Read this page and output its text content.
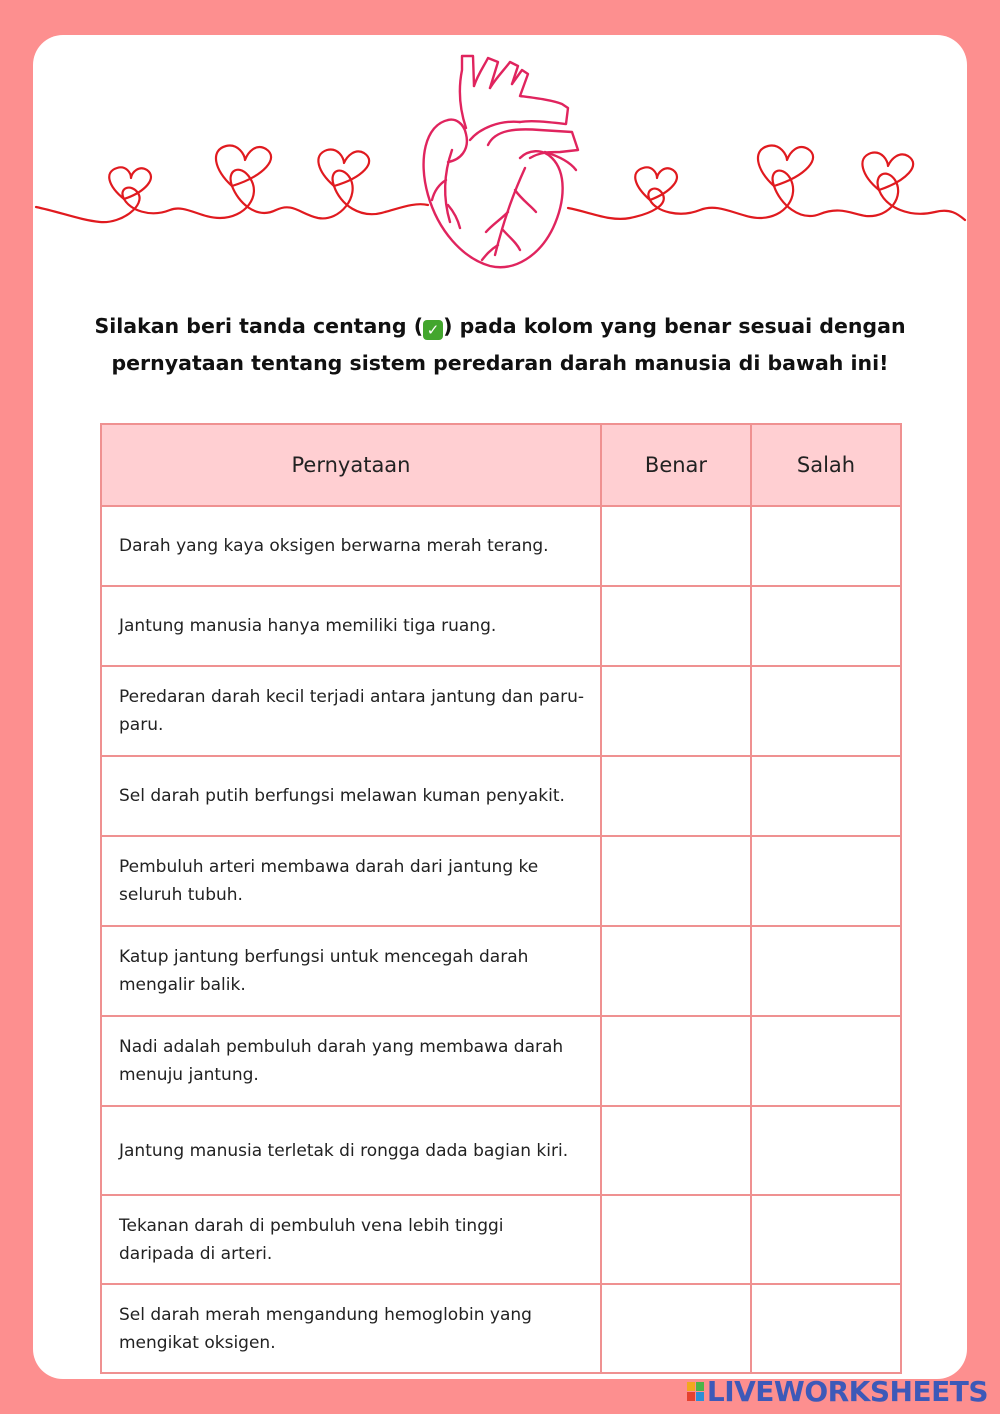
Silakan beri tanda centang ( ✓ ) pada kolom yang benar sesuai dengan
pernyataan tentang sistem peredaran darah manusia di bawah ini!
Pernyataan	Benar	Salah
Darah yang kaya oksigen berwarna merah terang.		
Jantung manusia hanya memiliki tiga ruang.		
Peredaran darah kecil terjadi antara jantung dan paru-paru.		
Sel darah putih berfungsi melawan kuman penyakit.		
Pembuluh arteri membawa darah dari jantung ke seluruh tubuh.		
Katup jantung berfungsi untuk mencegah darah mengalir balik.		
Nadi adalah pembuluh darah yang membawa darah menuju jantung.		
Jantung manusia terletak di rongga dada bagian kiri.		
Tekanan darah di pembuluh vena lebih tinggi daripada di arteri.		
Sel darah merah mengandung hemoglobin yang mengikat oksigen.		
LIVEWORKSHEETS
